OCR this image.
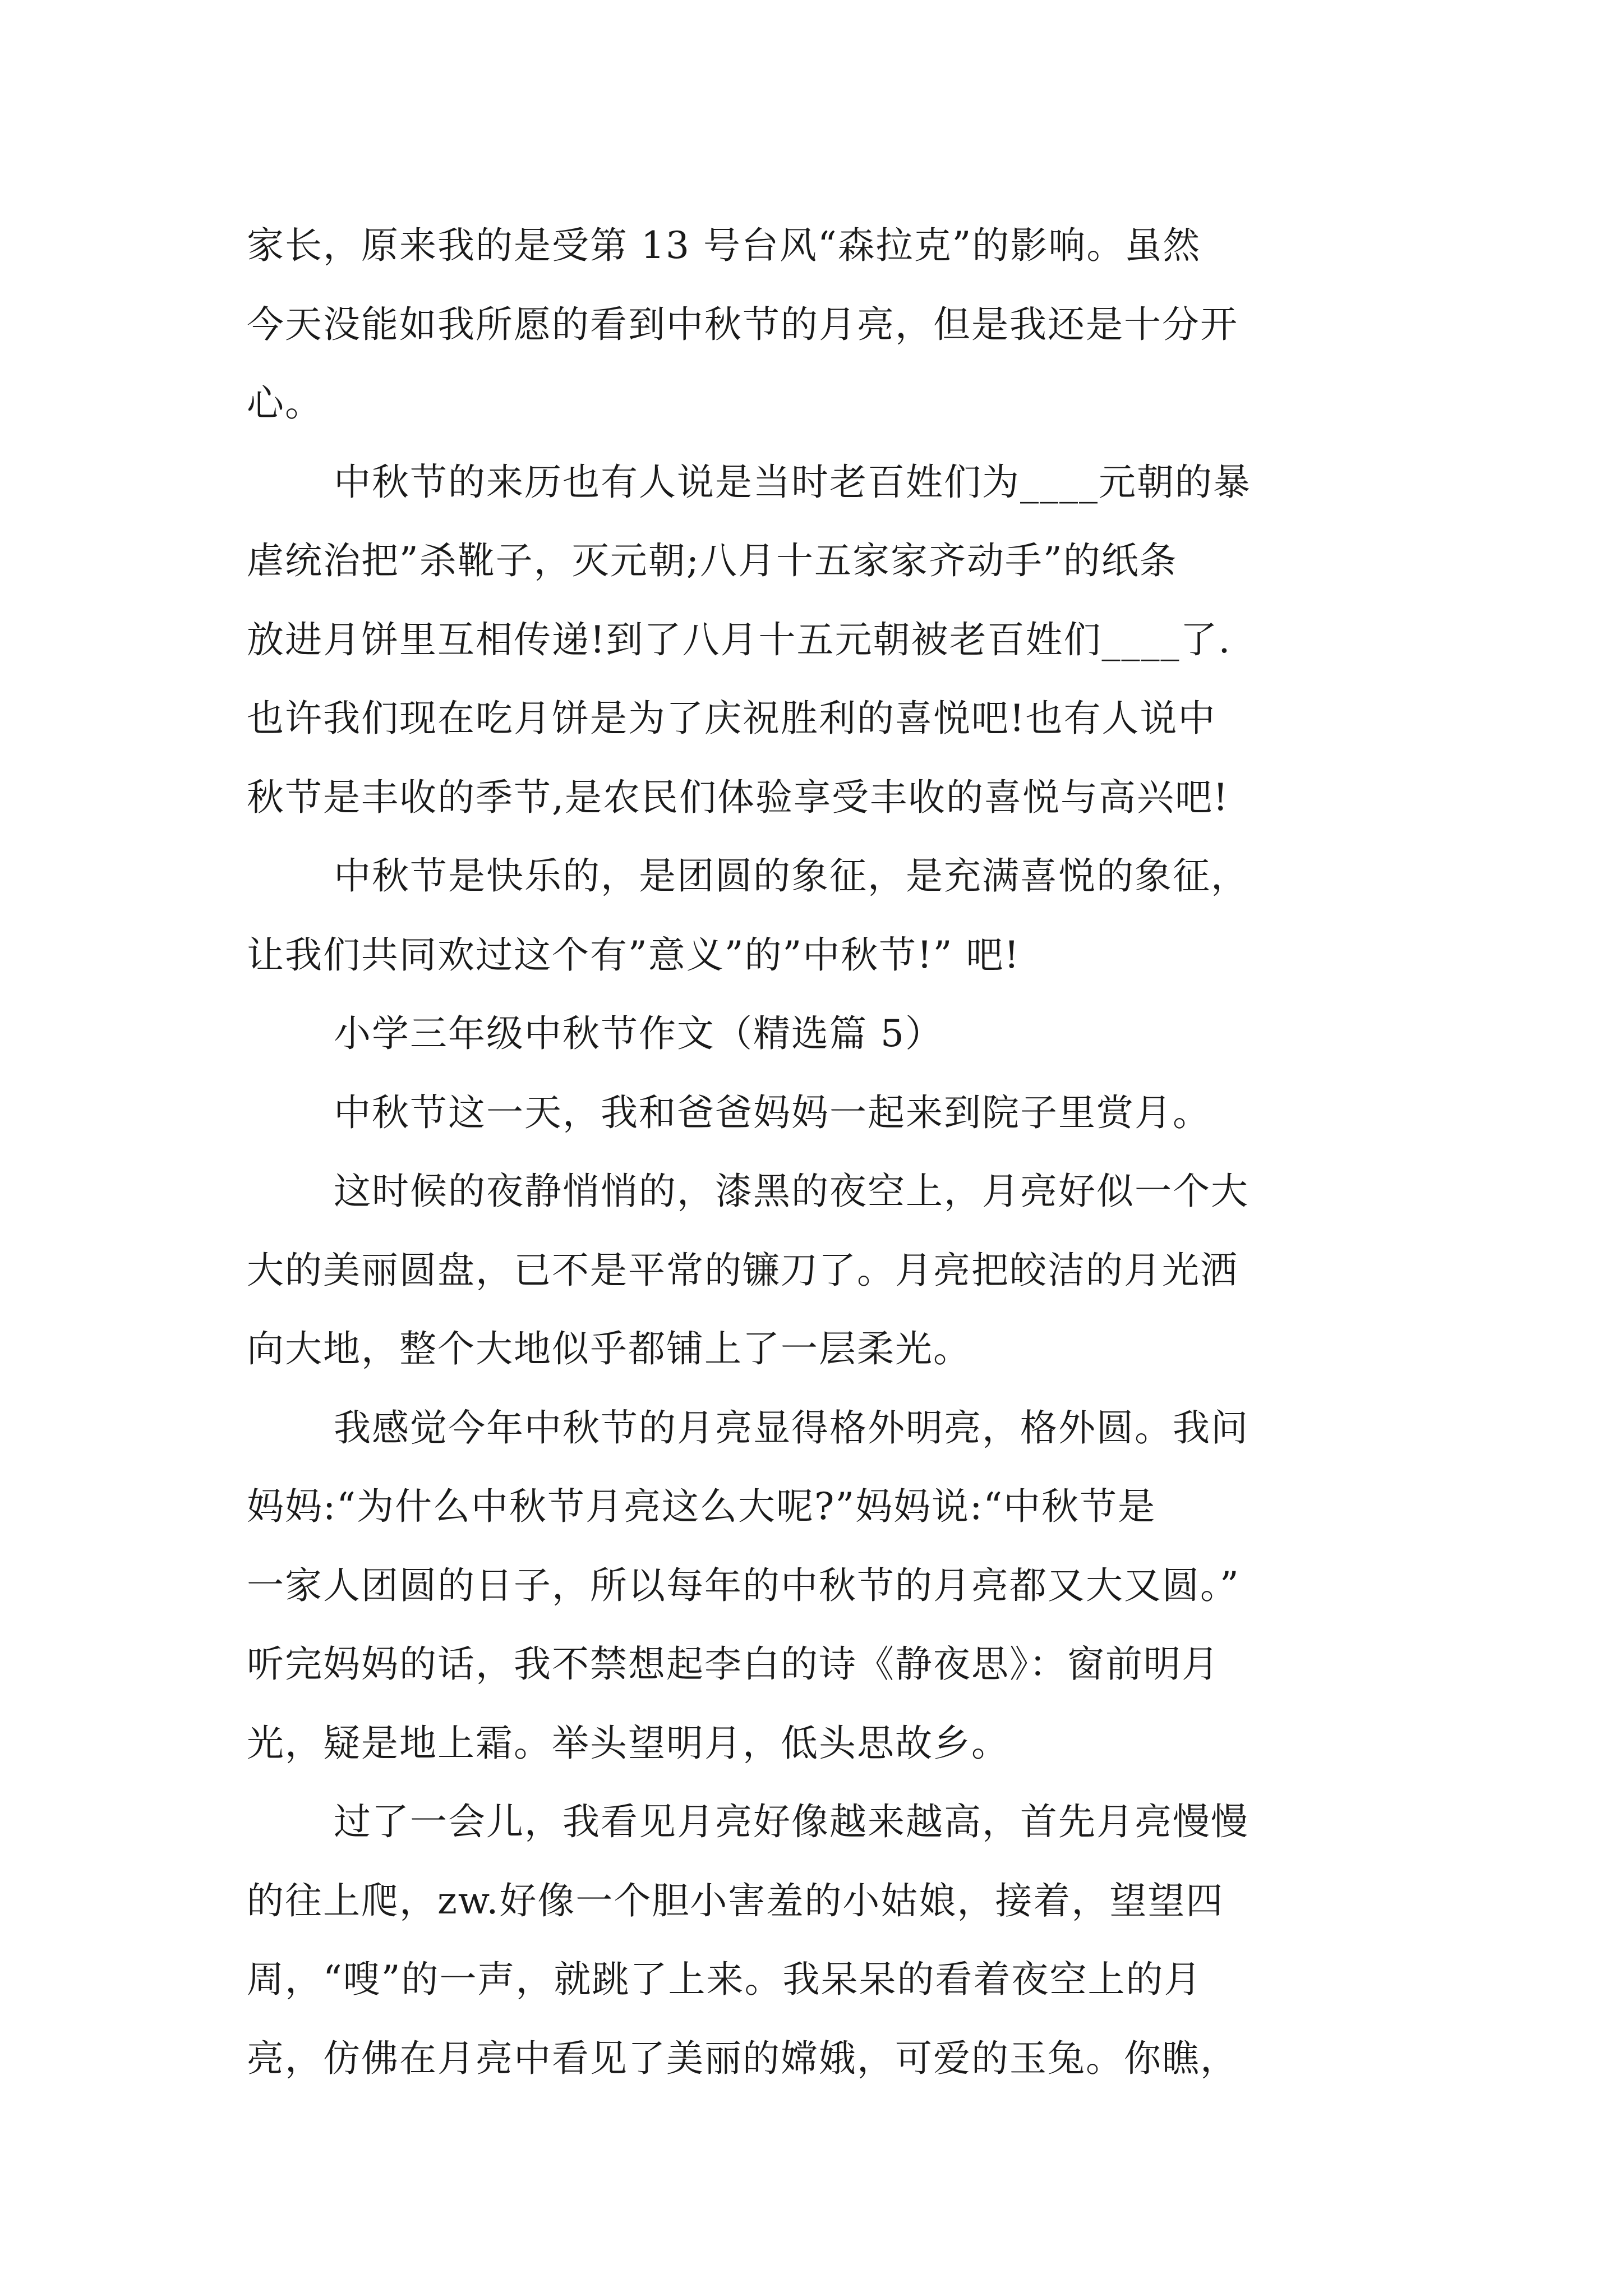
家长，原来我的是受第 13 号台风“森拉克”的影响。虽然
今天没能如我所愿的看到中秋节的月亮，但是我还是十分开
心。
中秋节的来历也有人说是当时老百姓们为____元朝的暴
虐统治把”杀靴子，灭元朝;八月十五家家齐动手”的纸条
放进月饼里互相传递!到了八月十五元朝被老百姓们____了.
也许我们现在吃月饼是为了庆祝胜利的喜悦吧!也有人说中
秋节是丰收的季节,是农民们体验享受丰收的喜悦与高兴吧!
中秋节是快乐的，是团圆的象征，是充满喜悦的象征，
让我们共同欢过这个有”意义”的”中秋节!” 吧!
小学三年级中秋节作文（精选篇 5）
中秋节这一天，我和爸爸妈妈一起来到院子里赏月。
这时候的夜静悄悄的，漆黑的夜空上，月亮好似一个大
大的美丽圆盘，已不是平常的镰刀了。月亮把皎洁的月光洒
向大地，整个大地似乎都铺上了一层柔光。
我感觉今年中秋节的月亮显得格外明亮，格外圆。我问
妈妈:“为什么中秋节月亮这么大呢?”妈妈说:“中秋节是
一家人团圆的日子，所以每年的中秋节的月亮都又大又圆。”
听完妈妈的话，我不禁想起李白的诗《静夜思》：窗前明月
光，疑是地上霜。举头望明月，低头思故乡。
过了一会儿，我看见月亮好像越来越高，首先月亮慢慢
的往上爬，zw.好像一个胆小害羞的小姑娘，接着，望望四
周，“嗖”的一声，就跳了上来。我呆呆的看着夜空上的月
亮，仿佛在月亮中看见了美丽的嫦娥，可爱的玉兔。你瞧，
